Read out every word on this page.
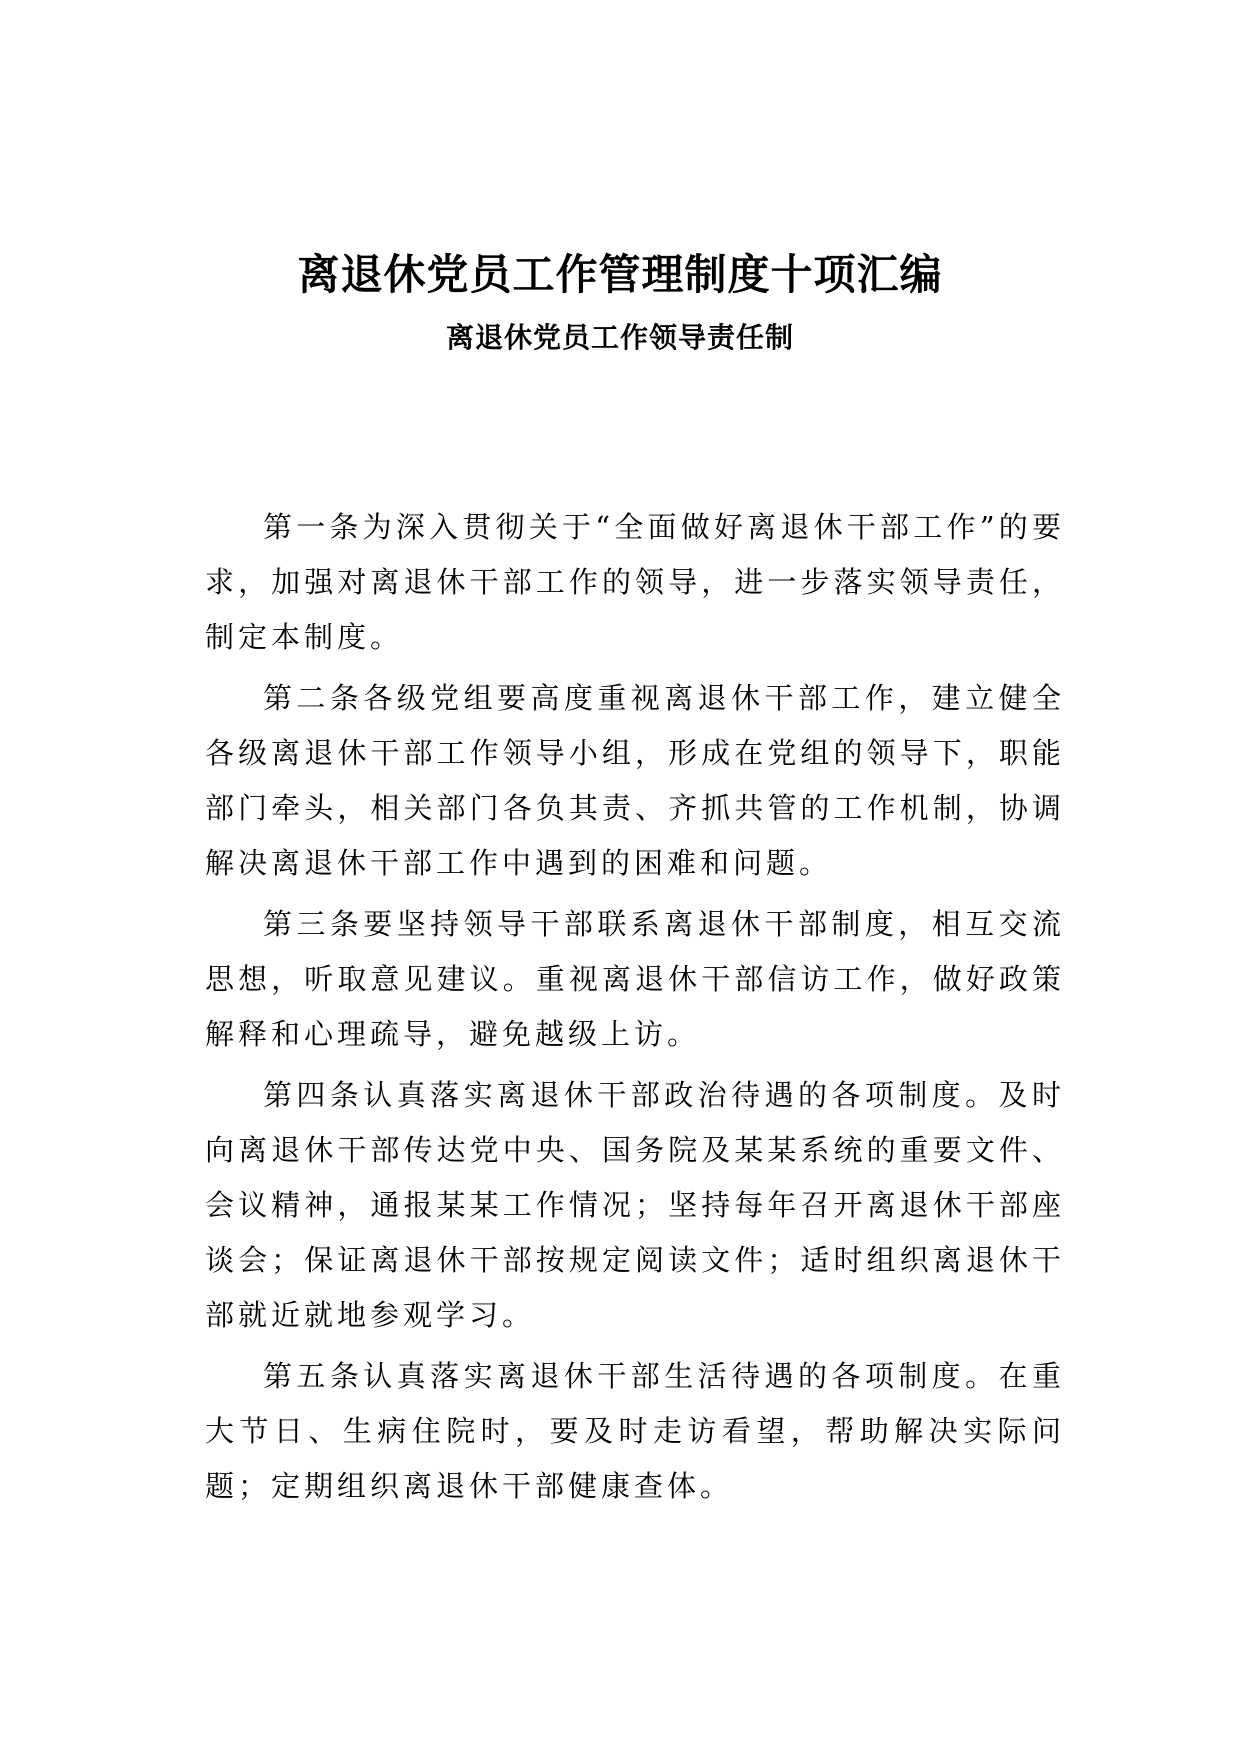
离退休党员工作管理制度十项汇编
离退休党员工作领导责任制

第一条为深入贯彻关于“全面做好离退休干部工作”的要求，加强对离退休干部工作的领导，进一步落实领导责任，制定本制度。

第二条各级党组要高度重视离退休干部工作，建立健全各级离退休干部工作领导小组，形成在党组的领导下，职能部门牵头，相关部门各负其责、齐抓共管的工作机制，协调解决离退休干部工作中遇到的困难和问题。

第三条要坚持领导干部联系离退休干部制度，相互交流思想，听取意见建议。重视离退休干部信访工作，做好政策解释和心理疏导，避免越级上访。

第四条认真落实离退休干部政治待遇的各项制度。及时向离退休干部传达党中央、国务院及某某系统的重要文件、会议精神，通报某某工作情况；坚持每年召开离退休干部座谈会；保证离退休干部按规定阅读文件；适时组织离退休干部就近就地参观学习。

第五条认真落实离退休干部生活待遇的各项制度。在重大节日、生病住院时，要及时走访看望，帮助解决实际问题；定期组织离退休干部健康查体。
